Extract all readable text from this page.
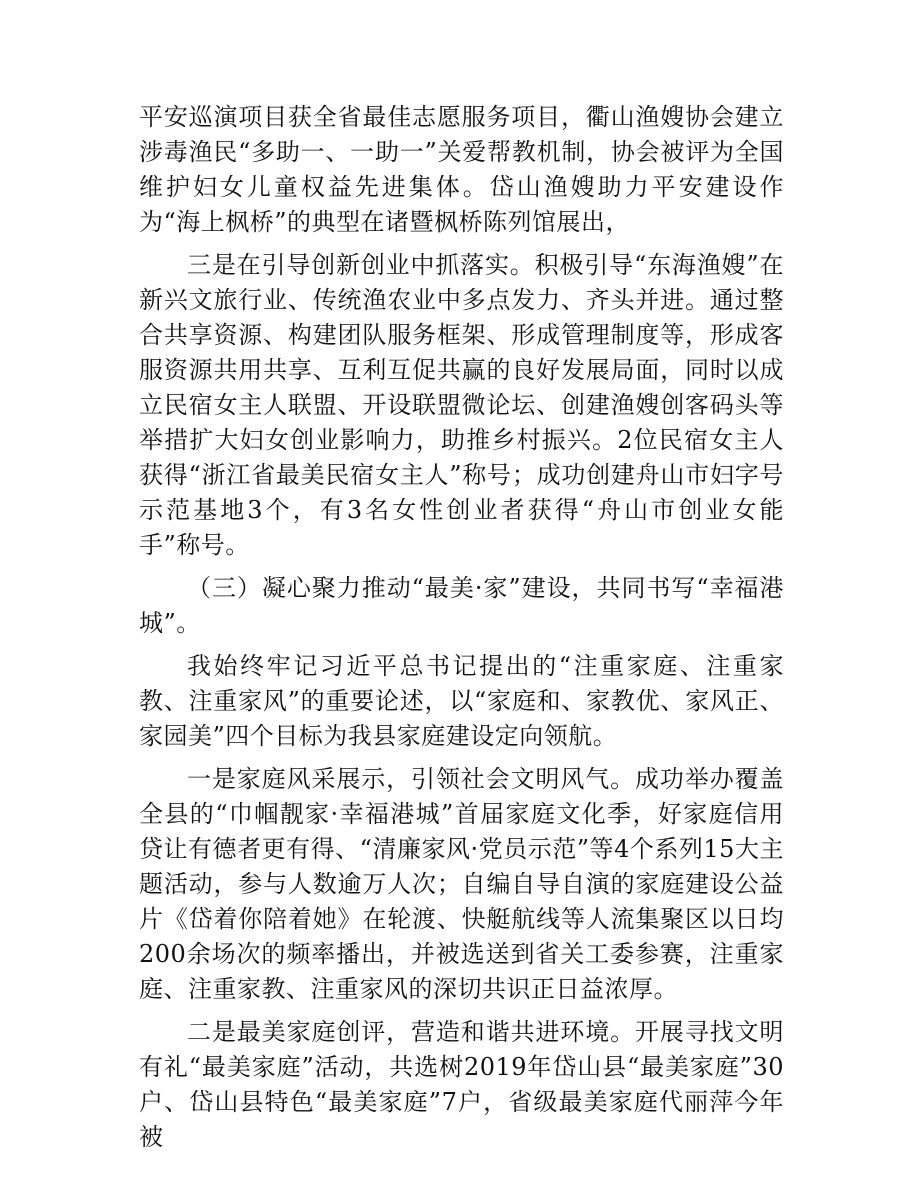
平安巡演项目获全省最佳志愿服务项目，衢山渔嫂协会建立涉毒渔民“多助一、一助一”关爱帮教机制，协会被评为全国维护妇女儿童权益先进集体。岱山渔嫂助力平安建设作为“海上枫桥”的典型在诸暨枫桥陈列馆展出，

三是在引导创新创业中抓落实。积极引导“东海渔嫂”在新兴文旅行业、传统渔农业中多点发力、齐头并进。通过整合共享资源、构建团队服务框架、形成管理制度等，形成客服资源共用共享、互利互促共赢的良好发展局面，同时以成立民宿女主人联盟、开设联盟微论坛、创建渔嫂创客码头等举措扩大妇女创业影响力，助推乡村振兴。2位民宿女主人获得“浙江省最美民宿女主人”称号；成功创建舟山市妇字号示范基地3个，有3名女性创业者获得“舟山市创业女能手”称号。

（三）凝心聚力推动“最美·家”建设，共同书写“幸福港城”。

我始终牢记习近平总书记提出的“注重家庭、注重家教、注重家风”的重要论述，以“家庭和、家教优、家风正、家园美”四个目标为我县家庭建设定向领航。

一是家庭风采展示，引领社会文明风气。成功举办覆盖全县的“巾帼靓家·幸福港城”首届家庭文化季，好家庭信用贷让有德者更有得、“清廉家风·党员示范”等4个系列15大主题活动，参与人数逾万人次；自编自导自演的家庭建设公益片《岱着你陪着她》在轮渡、快艇航线等人流集聚区以日均200余场次的频率播出，并被选送到省关工委参赛，注重家庭、注重家教、注重家风的深切共识正日益浓厚。

二是最美家庭创评，营造和谐共进环境。开展寻找文明有礼“最美家庭”活动，共选树2019年岱山县“最美家庭”30户、岱山县特色“最美家庭”7户，省级最美家庭代丽萍今年被
